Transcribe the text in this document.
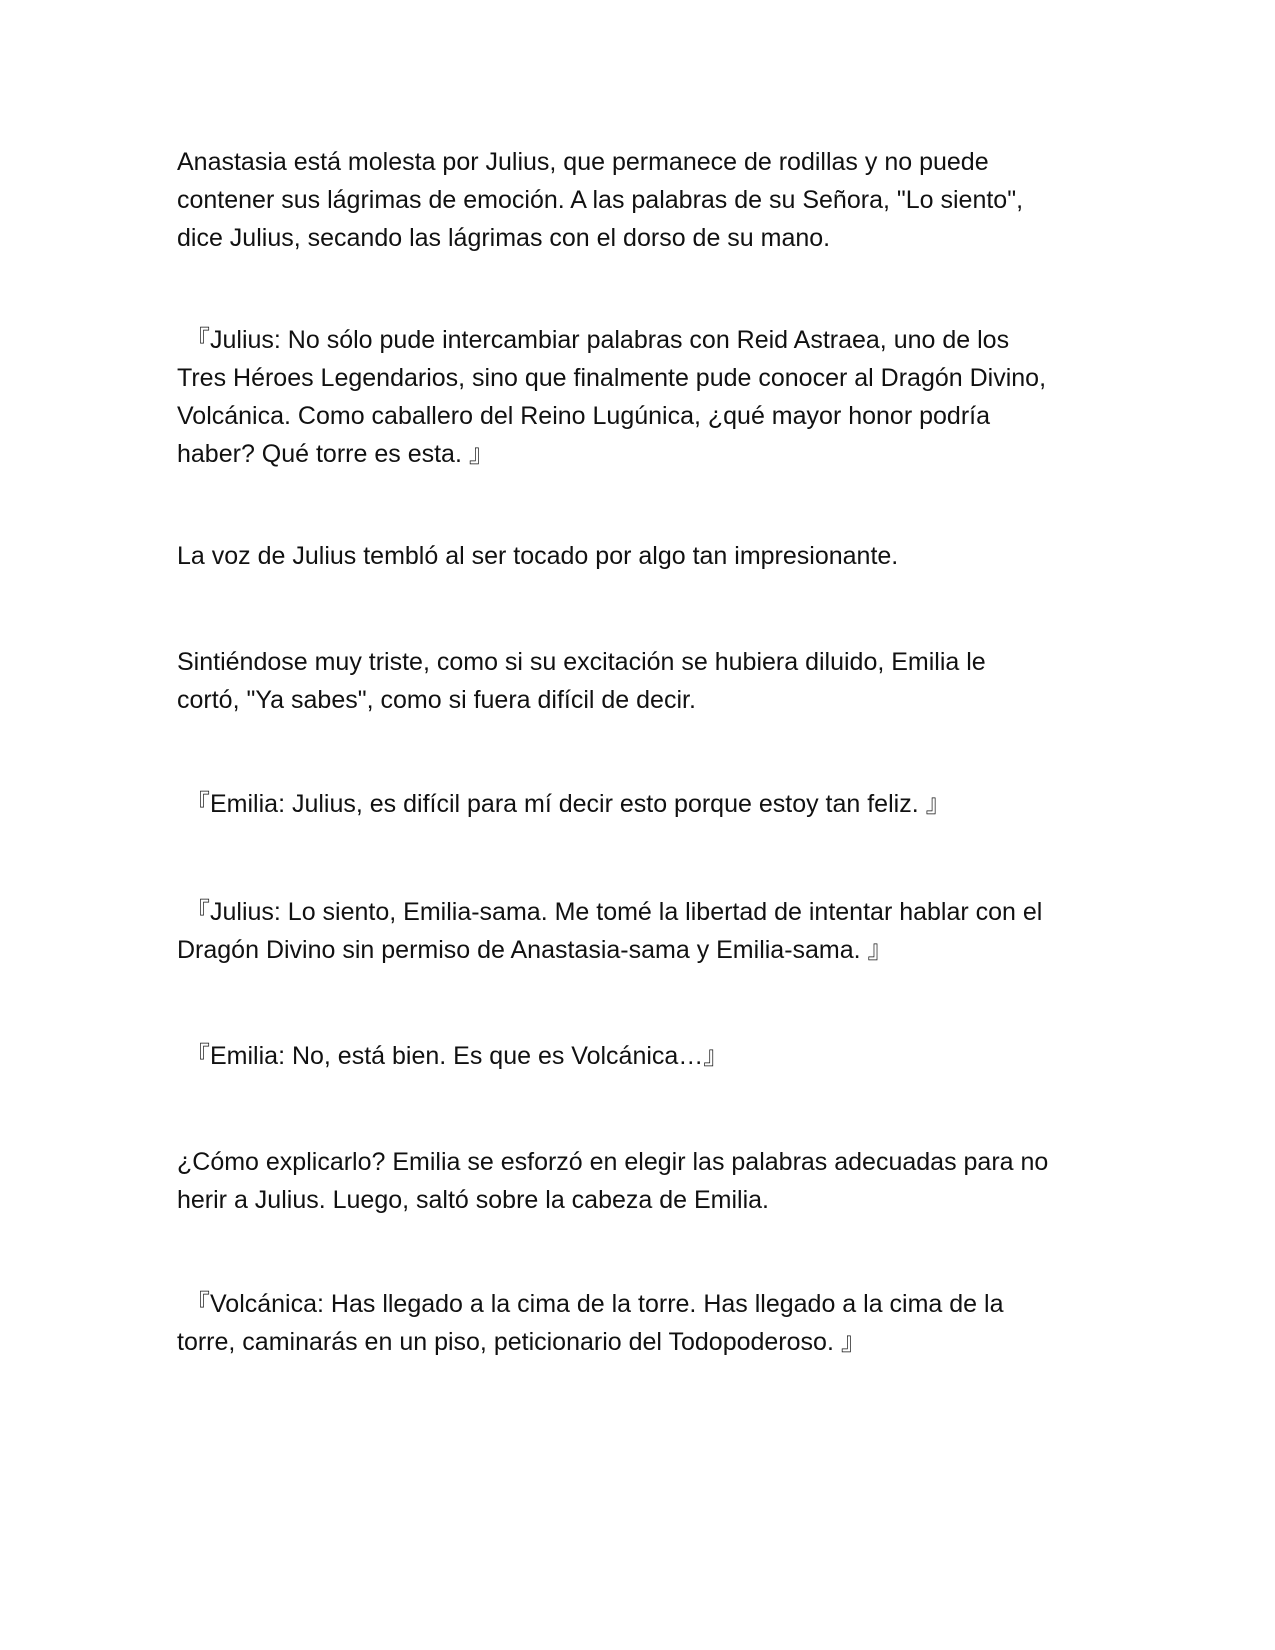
Anastasia está molesta por Julius, que permanece de rodillas y no puede
contener sus lágrimas de emoción. A las palabras de su Señora, "Lo siento",
dice Julius, secando las lágrimas con el dorso de su mano.

『Julius: No sólo pude intercambiar palabras con Reid Astraea, uno de los
Tres Héroes Legendarios, sino que finalmente pude conocer al Dragón Divino,
Volcánica. Como caballero del Reino Lugúnica, ¿qué mayor honor podría
haber? Qué torre es esta. 』

La voz de Julius tembló al ser tocado por algo tan impresionante.

Sintiéndose muy triste, como si su excitación se hubiera diluido, Emilia le
cortó, "Ya sabes", como si fuera difícil de decir.

『Emilia: Julius, es difícil para mí decir esto porque estoy tan feliz. 』

『Julius: Lo siento, Emilia-sama. Me tomé la libertad de intentar hablar con el
Dragón Divino sin permiso de Anastasia-sama y Emilia-sama. 』

『Emilia: No, está bien. Es que es Volcánica…』

¿Cómo explicarlo? Emilia se esforzó en elegir las palabras adecuadas para no
herir a Julius. Luego, saltó sobre la cabeza de Emilia.

『Volcánica: Has llegado a la cima de la torre. Has llegado a la cima de la
torre, caminarás en un piso, peticionario del Todopoderoso. 』
